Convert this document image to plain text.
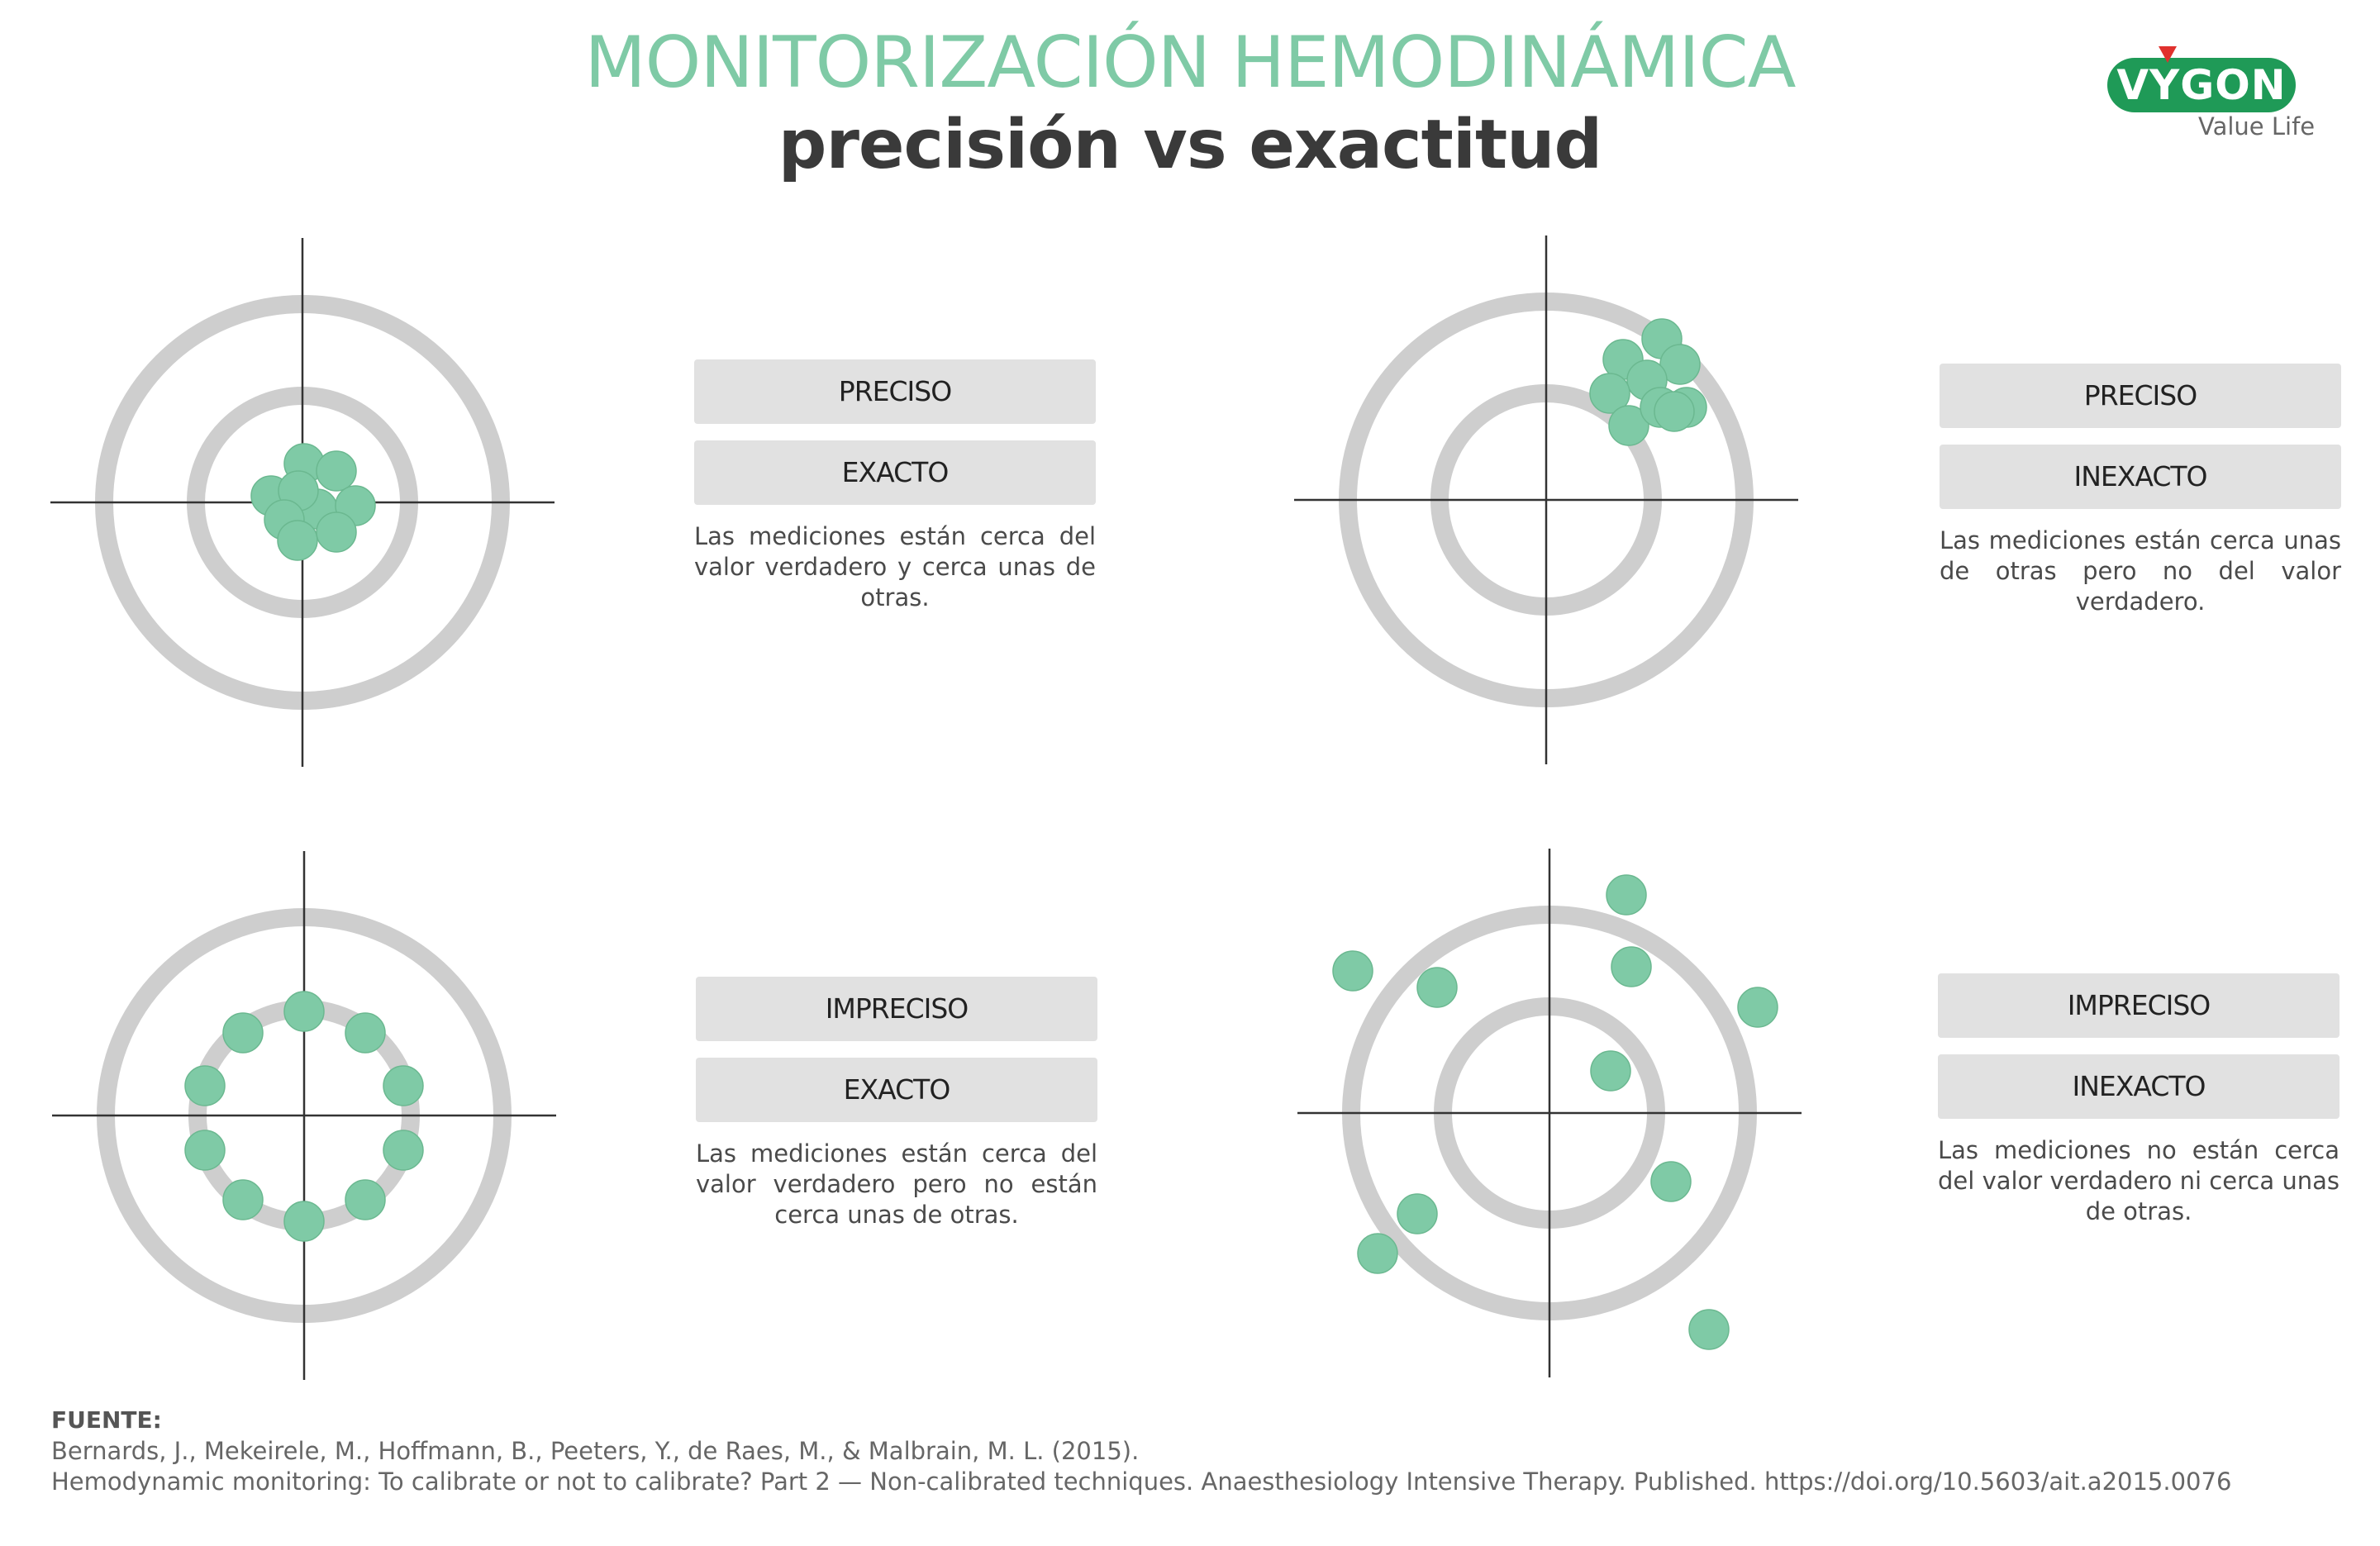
MONITORIZACIÓN HEMODINÁMICA
precisión vs exactitud
VYGON
Value Life
PRECISO
EXACTO
Las mediciones están cerca del valor verdadero y cerca unas de otras.
PRECISO
INEXACTO
Las mediciones están cerca unas de otras pero no del valor verdadero.
IMPRECISO
EXACTO
Las mediciones están cerca del valor verdadero pero no están cerca unas de otras.
IMPRECISO
INEXACTO
Las mediciones no están cerca del valor verdadero ni cerca unas de otras.
FUENTE:
Bernards, J., Mekeirele, M., Hoffmann, B., Peeters, Y., de Raes, M., & Malbrain, M. L. (2015).
Hemodynamic monitoring: To calibrate or not to calibrate? Part 2 — Non-calibrated techniques. Anaesthesiology Intensive Therapy. Published. https://doi.org/10.5603/ait.a2015.0076
